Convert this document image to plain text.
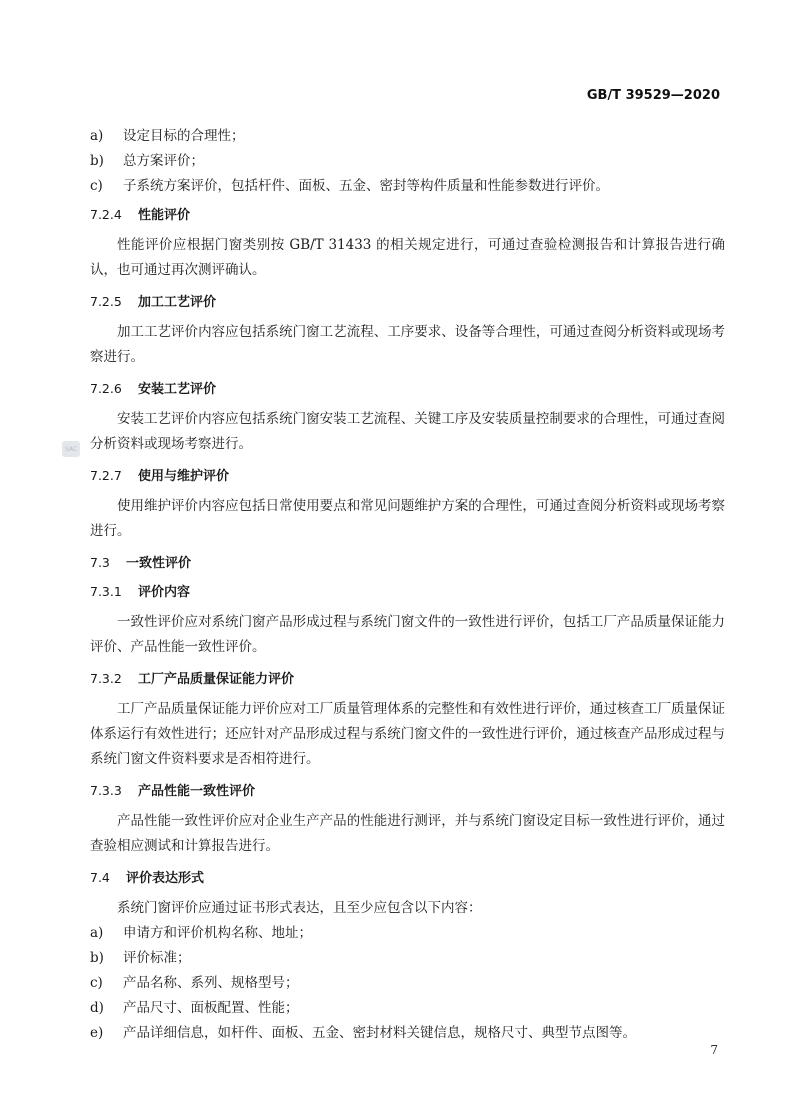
GB/T 39529—2020
SAC
a) 设定目标的合理性；
b) 总方案评价；
c) 子系统方案评价，包括杆件、面板、五金、密封等构件质量和性能参数进行评价。
7.2.4 性能评价
性能评价应根据门窗类别按 GB/T 31433 的相关规定进行，可通过查验检测报告和计算报告进行确认，也可通过再次测评确认。
7.2.5 加工工艺评价
加工工艺评价内容应包括系统门窗工艺流程、工序要求、设备等合理性，可通过查阅分析资料或现场考察进行。
7.2.6 安装工艺评价
安装工艺评价内容应包括系统门窗安装工艺流程、关键工序及安装质量控制要求的合理性，可通过查阅分析资料或现场考察进行。
7.2.7 使用与维护评价
使用维护评价内容应包括日常使用要点和常见问题维护方案的合理性，可通过查阅分析资料或现场考察进行。
7.3 一致性评价
7.3.1 评价内容
一致性评价应对系统门窗产品形成过程与系统门窗文件的一致性进行评价，包括工厂产品质量保证能力评价、产品性能一致性评价。
7.3.2 工厂产品质量保证能力评价
工厂产品质量保证能力评价应对工厂质量管理体系的完整性和有效性进行评价，通过核查工厂质量保证体系运行有效性进行；还应针对产品形成过程与系统门窗文件的一致性进行评价，通过核查产品形成过程与系统门窗文件资料要求是否相符进行。
7.3.3 产品性能一致性评价
产品性能一致性评价应对企业生产产品的性能进行测评，并与系统门窗设定目标一致性进行评价，通过查验相应测试和计算报告进行。
7.4 评价表达形式
系统门窗评价应通过证书形式表达，且至少应包含以下内容：
a) 申请方和评价机构名称、地址；
b) 评价标准；
c) 产品名称、系列、规格型号；
d) 产品尺寸、面板配置、性能；
e) 产品详细信息，如杆件、面板、五金、密封材料关键信息，规格尺寸、典型节点图等。
7
